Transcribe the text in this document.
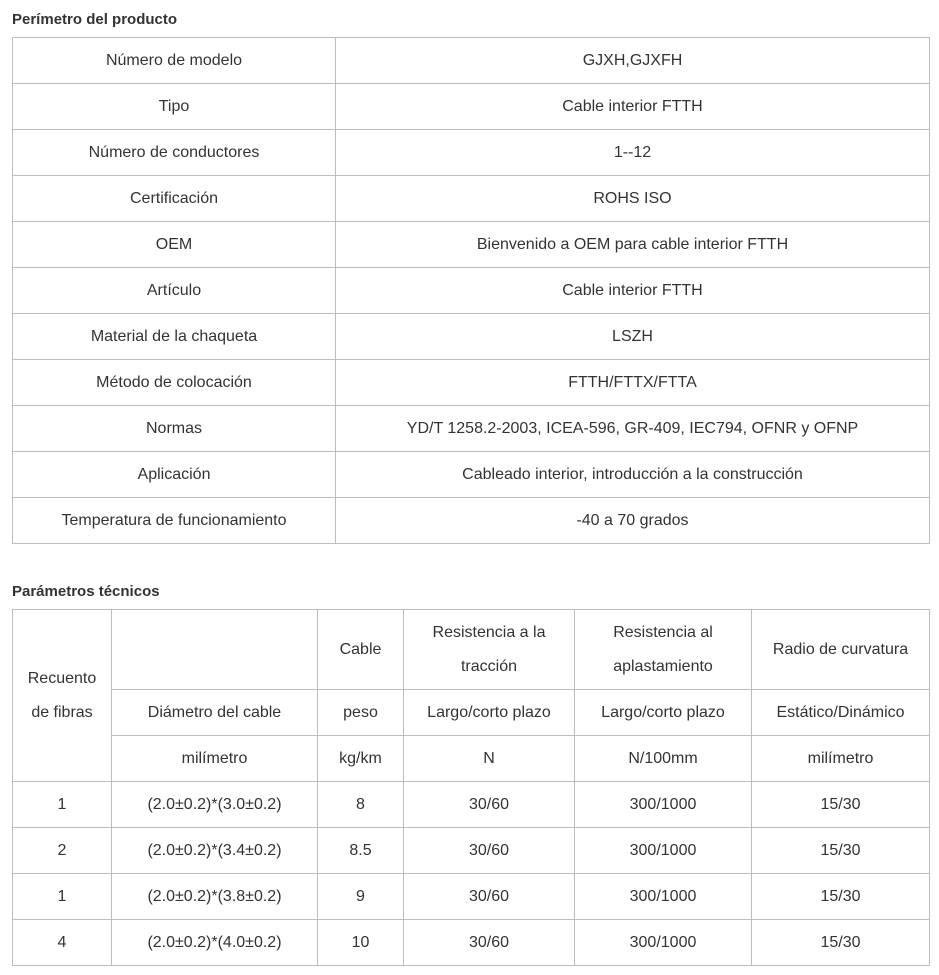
Perímetro del producto
Número de modelo	GJXH,GJXFH
Tipo	Cable interior FTTH
Número de conductores	1--12
Certificación	ROHS ISO
OEM	Bienvenido a OEM para cable interior FTTH
Artículo	Cable interior FTTH
Material de la chaqueta	LSZH
Método de colocación	FTTH/FTTX/FTTA
Normas	YD/T 1258.2-2003, ICEA-596, GR-409, IEC794, OFNR y OFNP
Aplicación	Cableado interior, introducción a la construcción
Temperatura de funcionamiento	-40 a 70 grados
Parámetros técnicos
Recuento de fibras		Cable	Resistencia a la tracción	Resistencia al aplastamiento	Radio de curvatura
	Diámetro del cable	peso	Largo/corto plazo	Largo/corto plazo	Estático/Dinámico
	milímetro	kg/km	N	N/100mm	milímetro
1	(2.0±0.2)*(3.0±0.2)	8	30/60	300/1000	15/30
2	(2.0±0.2)*(3.4±0.2)	8.5	30/60	300/1000	15/30
1	(2.0±0.2)*(3.8±0.2)	9	30/60	300/1000	15/30
4	(2.0±0.2)*(4.0±0.2)	10	30/60	300/1000	15/30
